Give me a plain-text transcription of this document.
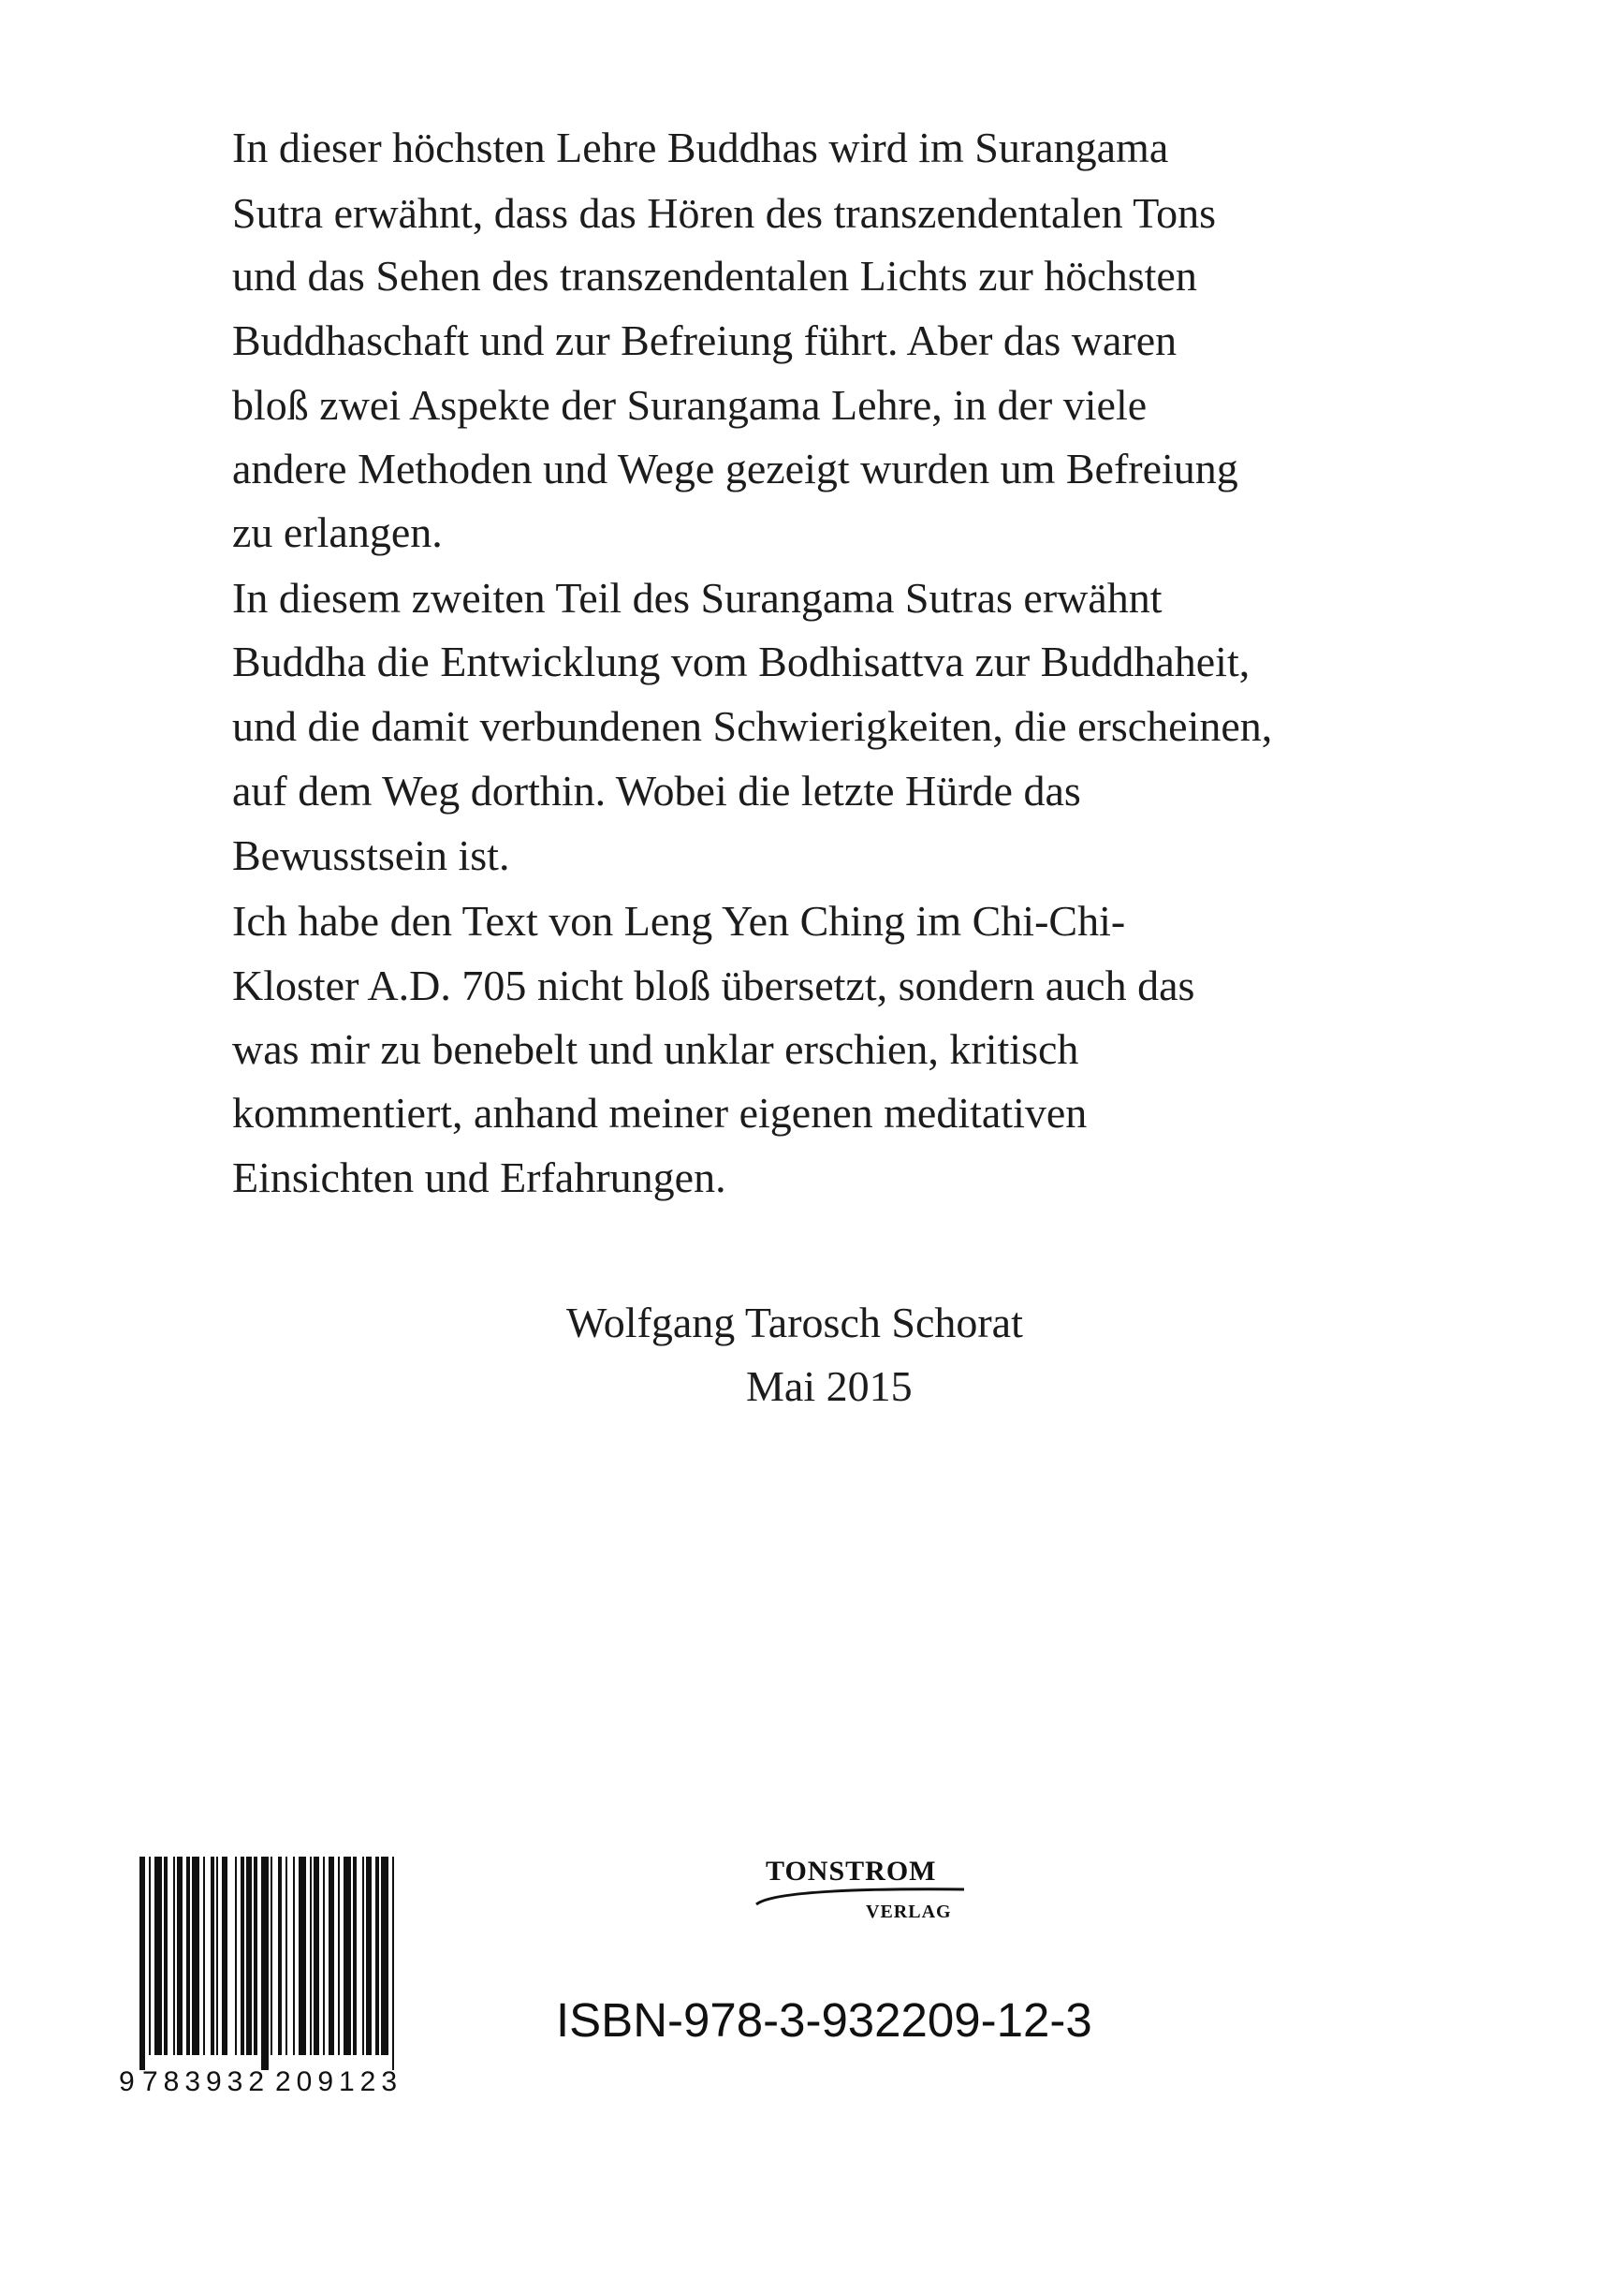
In dieser höchsten Lehre Buddhas wird im Surangama
Sutra erwähnt, dass das Hören des transzendentalen Tons
und das Sehen des transzendentalen Lichts zur höchsten
Buddhaschaft und zur Befreiung führt. Aber das waren
bloß zwei Aspekte der Surangama Lehre, in der viele
andere Methoden und Wege gezeigt wurden um Befreiung
zu erlangen.
In diesem zweiten Teil des Surangama Sutras erwähnt
Buddha die Entwicklung vom Bodhisattva zur Buddhaheit,
und die damit verbundenen Schwierigkeiten, die erscheinen,
auf dem Weg dorthin. Wobei die letzte Hürde das
Bewusstsein ist.
Ich habe den Text von Leng Yen Ching im Chi-Chi-
Kloster A.D. 705 nicht bloß übersetzt, sondern auch das
was mir zu benebelt und unklar erschien, kritisch
kommentiert, anhand meiner eigenen meditativen
Einsichten und Erfahrungen.
Wolfgang Tarosch Schorat
Mai 2015
9 783932 209123
TONSTROM
VERLAG
ISBN-978-3-932209-12-3
